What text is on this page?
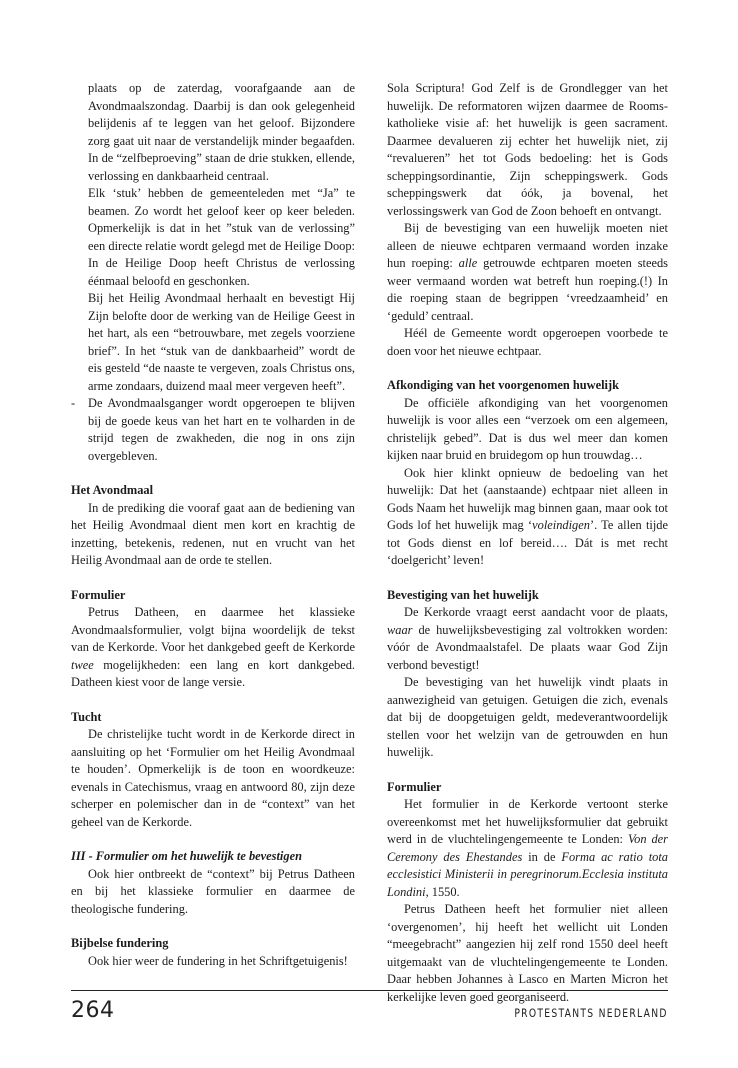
plaats op de zaterdag, voorafgaande aan de Avondmaalszondag. Daarbij is dan ook gelegenheid belijdenis af te leggen van het geloof. Bijzondere zorg gaat uit naar de verstandelijk minder begaafden. In de “zelfbeproeving” staan de drie stukken, ellende, verlossing en dankbaarheid centraal.

Elk ‘stuk’ hebben de gemeenteleden met “Ja” te beamen. Zo wordt het geloof keer op keer beleden. Opmerkelijk is dat in het ”stuk van de verlossing” een directe relatie wordt gelegd met de Heilige Doop: In de Heilige Doop heeft Christus de verlossing éénmaal beloofd en geschonken.

Bij het Heilig Avondmaal herhaalt en bevestigt Hij Zijn belofte door de werking van de Heilige Geest in het hart, als een “betrouwbare, met zegels voorziene brief”. In het “stuk van de dankbaarheid” wordt de eis gesteld “de naaste te vergeven, zoals Christus ons, arme zondaars, duizend maal meer vergeven heeft”.

- De Avondmaalsganger wordt opgeroepen te blijven bij de goede keus van het hart en te volharden in de strijd tegen de zwakheden, die nog in ons zijn overgebleven.

Het Avondmaal

In de prediking die vooraf gaat aan de bediening van het Heilig Avondmaal dient men kort en krachtig de inzetting, betekenis, redenen, nut en vrucht van het Heilig Avondmaal aan de orde te stellen.

Formulier

Petrus Datheen, en daarmee het klassieke Avondmaalsformulier, volgt bijna woordelijk de tekst van de Kerkorde. Voor het dankgebed geeft de Kerkorde twee mogelijkheden: een lang en kort dankgebed. Datheen kiest voor de lange versie.

Tucht

De christelijke tucht wordt in de Kerkorde direct in aansluiting op het ‘Formulier om het Heilig Avondmaal te houden’. Opmerkelijk is de toon en woordkeuze: evenals in Catechismus, vraag en antwoord 80, zijn deze scherper en polemischer dan in de “context” van het geheel van de Kerkorde.

III - Formulier om het huwelijk te bevestigen

Ook hier ontbreekt de “context” bij Petrus Datheen en bij het klassieke formulier en daarmee de theologische fundering.

Bijbelse fundering

Ook hier weer de fundering in het Schriftgetuigenis!

Sola Scriptura! God Zelf is de Grondlegger van het huwelijk. De reformatoren wijzen daarmee de Rooms-katholieke visie af: het huwelijk is geen sacrament. Daarmee devalueren zij echter het huwelijk niet, zij “revalueren” het tot Gods bedoeling: het is Gods scheppingsordinantie, Zijn scheppingswerk. Gods scheppingswerk dat óók, ja bovenal, het verlossingswerk van God de Zoon behoeft en ontvangt.

Bij de bevestiging van een huwelijk moeten niet alleen de nieuwe echtparen vermaand worden inzake hun roeping: alle getrouwde echtparen moeten steeds weer vermaand worden wat betreft hun roeping.(!) In die roeping staan de begrippen ‘vreedzaamheid’ en ‘geduld’ centraal.

Héél de Gemeente wordt opgeroepen voorbede te doen voor het nieuwe echtpaar.

Afkondiging van het voorgenomen huwelijk

De officiële afkondiging van het voorgenomen huwelijk is voor alles een “verzoek om een algemeen, christelijk gebed”. Dat is dus wel meer dan komen kijken naar bruid en bruidegom op hun trouwdag…

Ook hier klinkt opnieuw de bedoeling van het huwelijk: Dat het (aanstaande) echtpaar niet alleen in Gods Naam het huwelijk mag binnen gaan, maar ook tot Gods lof het huwelijk mag ‘voleindigen’. Te allen tijde tot Gods dienst en lof bereid…. Dát is met recht ‘doelgericht’ leven!

Bevestiging van het huwelijk

De Kerkorde vraagt eerst aandacht voor de plaats, waar de huwelijksbevestiging zal voltrokken worden: vóór de Avondmaalstafel. De plaats waar God Zijn verbond bevestigt!

De bevestiging van het huwelijk vindt plaats in aanwezigheid van getuigen. Getuigen die zich, evenals dat bij de doopgetuigen geldt, medeverantwoordelijk stellen voor het welzijn van de getrouwden en hun huwelijk.

Formulier

Het formulier in de Kerkorde vertoont sterke overeenkomst met het huwelijksformulier dat gebruikt werd in de vluchtelingengemeente te Londen: Von der Ceremony des Ehestandes in de Forma ac ratio tota ecclesistici Ministerii in peregrinorum.Ecclesia instituta Londini, 1550.

Petrus Datheen heeft het formulier niet alleen ‘overgenomen’, hij heeft het wellicht uit Londen “meegebracht” aangezien hij zelf rond 1550 deel heeft uitgemaakt van de vluchtelingengemeente te Londen. Daar hebben Johannes à Lasco en Marten Micron het kerkelijke leven goed georganiseerd.

264	PROTESTANTS NEDERLAND
